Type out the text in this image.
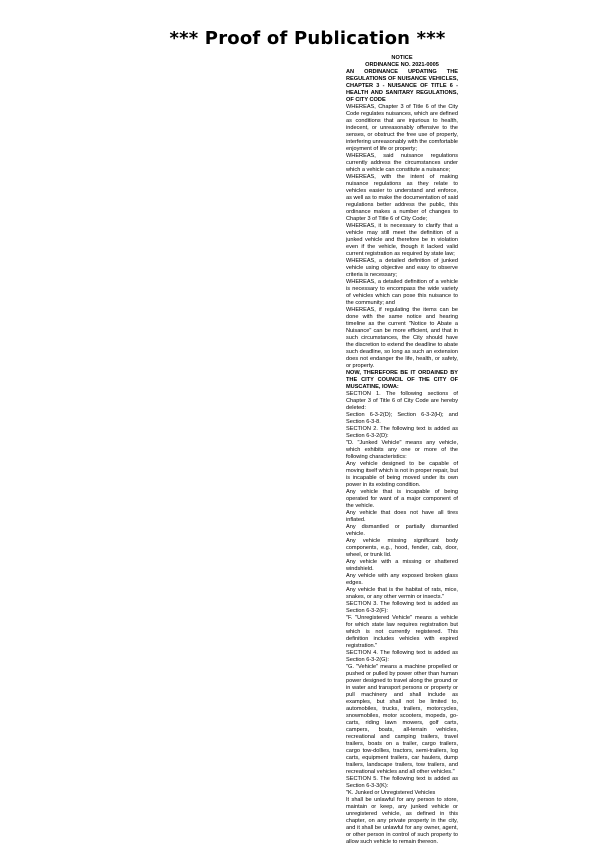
*** Proof of Publication ***
NOTICE
ORDINANCE NO. 2021-0005

AN ORDINANCE UPDATING THE REGULATIONS OF NUISANCE VEHICLES, CHAPTER 3 - NUISANCE OF TITLE 6 - HEALTH AND SANITARY REGULATIONS, OF CITY CODE

WHEREAS, Chapter 3 of Title 6 of the City Code regulates nuisances, which are defined as conditions that are injurious to health, indecent, or unreasonably offensive to the senses, or obstruct the free use of property, interfering unreasonably with the comfortable enjoyment of life or property;

WHEREAS, said nuisance regulations currently address the circumstances under which a vehicle can constitute a nuisance;

WHEREAS, with the intent of making nuisance regulations as they relate to vehicles easier to understand and enforce, as well as to make the documentation of said regulations better address the public, this ordinance makes a number of changes to Chapter 3 of Title 6 of City Code;

WHEREAS, it is necessary to clarify that a vehicle may still meet the definition of a junked vehicle and therefore be in violation even if the vehicle, though it lacked valid current registration as required by state law;

WHEREAS, a detailed definition of junked vehicle using objective and easy to observe criteria is necessary;

WHEREAS, a detailed definition of a vehicle is necessary to encompass the wide variety of vehicles which can pose this nuisance to the community; and

WHEREAS, if regulating the items can be done with the same notice and hearing timeline as the current "Notice to Abate a Nuisance" can be more efficient, and that in such circumstances, the City should have the discretion to extend the deadline to abate such deadline, so long as such an extension does not endanger the life, health, or safety, or property.

NOW, THEREFORE BE IT ORDAINED BY THE CITY COUNCIL OF THE CITY OF MUSCATINE, IOWA:

SECTION 1. The following sections of Chapter 3 of Title 6 of City Code are hereby deleted:

Section 6-3-2(D); Section 6-3-2(H); and Section 6-3-8.

SECTION 2. The following text is added as Section 6-3-2(D):

"D. "Junked Vehicle" means any vehicle, which exhibits any one or more of the following characteristics:

Any vehicle designed to be capable of moving itself which is not in proper repair, but is incapable of being moved under its own power in its existing condition.

Any vehicle that is incapable of being operated for want of a major component of the vehicle.

Any vehicle that does not have all tires inflated.

Any dismantled or partially dismantled vehicle.

Any vehicle missing significant body components, e.g., hood, fender, cab, door, wheel, or trunk lid.

Any vehicle with a missing or shattered windshield.

Any vehicle with any exposed broken glass edges.

Any vehicle that is the habitat of rats, mice, snakes, or any other vermin or insects."

SECTION 3. The following text is added as Section 6-3-2(F):

"F. "Unregistered Vehicle" means a vehicle for which state law requires registration but which is not currently registered. This definition includes vehicles with expired registration."

SECTION 4. The following text is added as Section 6-3-2(G):

"G. "Vehicle" means a machine propelled or pushed or pulled by power other than human power designed to travel along the ground or in water and transport persons or property or pull machinery and shall include as examples, but shall not be limited to, automobiles, trucks, trailers, motorcycles, snowmobiles, motor scooters, mopeds, go-carts, riding lawn mowers, golf carts, campers, boats, all-terrain vehicles, recreational and camping trailers, travel trailers, boats on a trailer, cargo trailers, cargo tow-dollies, tractors, semi-trailers, log carts, equipment trailers, car haulers, dump trailers, landscape trailers, tow trailers, and recreational vehicles and all other vehicles."

SECTION 5. The following text is added as Section 6-3-3(K):

"K. Junked or Unregistered Vehicles

It shall be unlawful for any person to store, maintain or keep, any junked vehicle or unregistered vehicle, as defined in this chapter, on any private property in the city, and it shall be unlawful for any owner, agent, or other person in control of such property to allow such vehicle to remain thereon.
